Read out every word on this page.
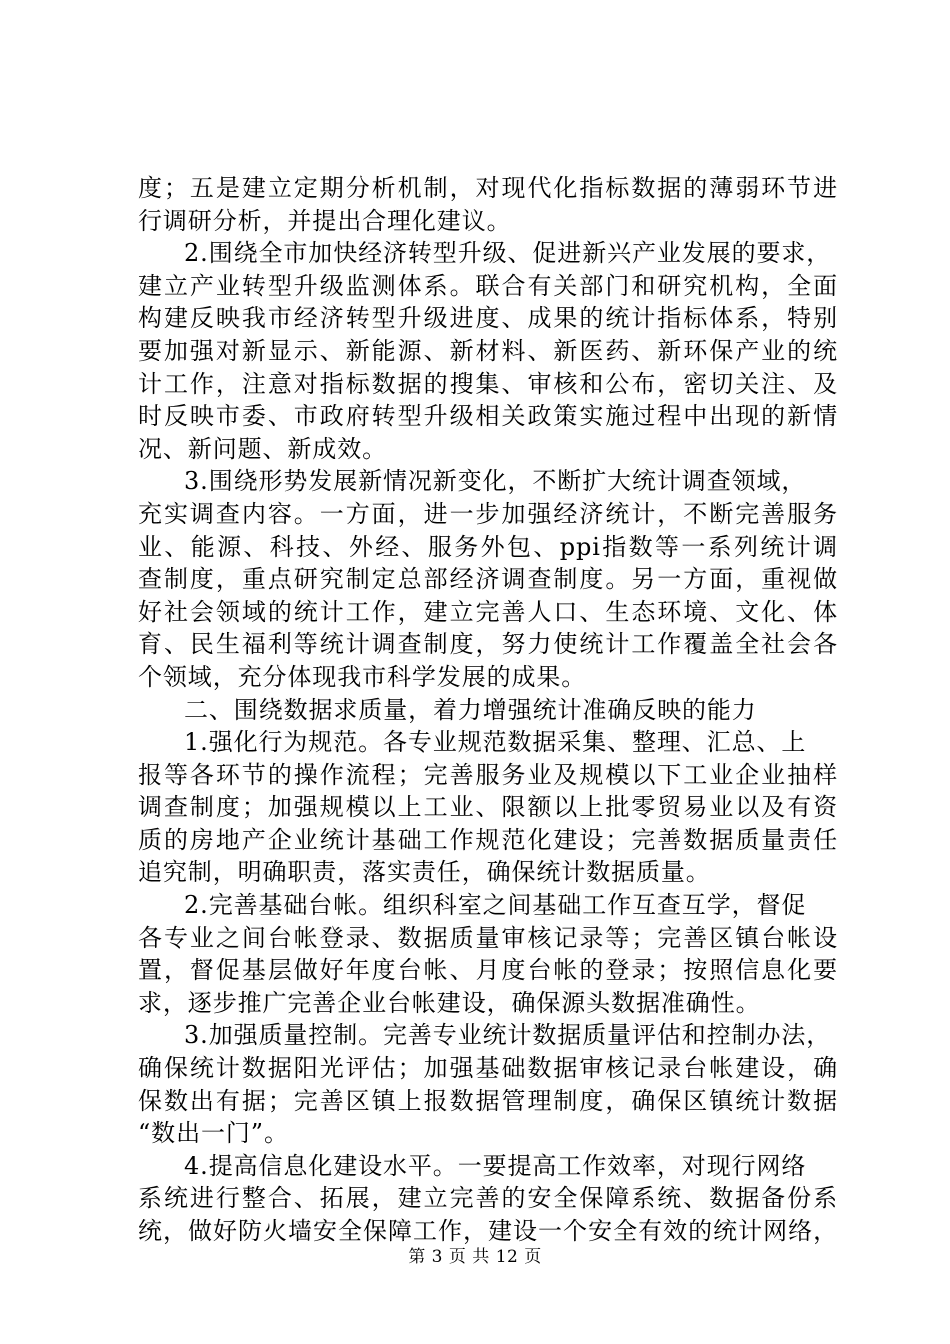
度；五是建立定期分析机制，对现代化指标数据的薄弱环节进
行调研分析，并提出合理化建议。
2.围绕全市加快经济转型升级、促进新兴产业发展的要求，
建立产业转型升级监测体系。联合有关部门和研究机构，全面
构建反映我市经济转型升级进度、成果的统计指标体系，特别
要加强对新显示、新能源、新材料、新医药、新环保产业的统
计工作，注意对指标数据的搜集、审核和公布，密切关注、及
时反映市委、市政府转型升级相关政策实施过程中出现的新情
况、新问题、新成效。
3.围绕形势发展新情况新变化，不断扩大统计调查领域，
充实调查内容。一方面，进一步加强经济统计，不断完善服务
业、能源、科技、外经、服务外包、ppi指数等一系列统计调
查制度，重点研究制定总部经济调查制度。另一方面，重视做
好社会领域的统计工作，建立完善人口、生态环境、文化、体
育、民生福利等统计调查制度，努力使统计工作覆盖全社会各
个领域，充分体现我市科学发展的成果。
二、围绕数据求质量，着力增强统计准确反映的能力
1.强化行为规范。各专业规范数据采集、整理、汇总、上
报等各环节的操作流程；完善服务业及规模以下工业企业抽样
调查制度；加强规模以上工业、限额以上批零贸易业以及有资
质的房地产企业统计基础工作规范化建设；完善数据质量责任
追究制，明确职责，落实责任，确保统计数据质量。
2.完善基础台帐。组织科室之间基础工作互查互学，督促
各专业之间台帐登录、数据质量审核记录等；完善区镇台帐设
置，督促基层做好年度台帐、月度台帐的登录；按照信息化要
求，逐步推广完善企业台帐建设，确保源头数据准确性。
3.加强质量控制。完善专业统计数据质量评估和控制办法，
确保统计数据阳光评估；加强基础数据审核记录台帐建设，确
保数出有据；完善区镇上报数据管理制度，确保区镇统计数据
“数出一门”。
4.提高信息化建设水平。一要提高工作效率，对现行网络
系统进行整合、拓展，建立完善的安全保障系统、数据备份系
统，做好防火墙安全保障工作，建设一个安全有效的统计网络，
第 3 页 共 12 页
